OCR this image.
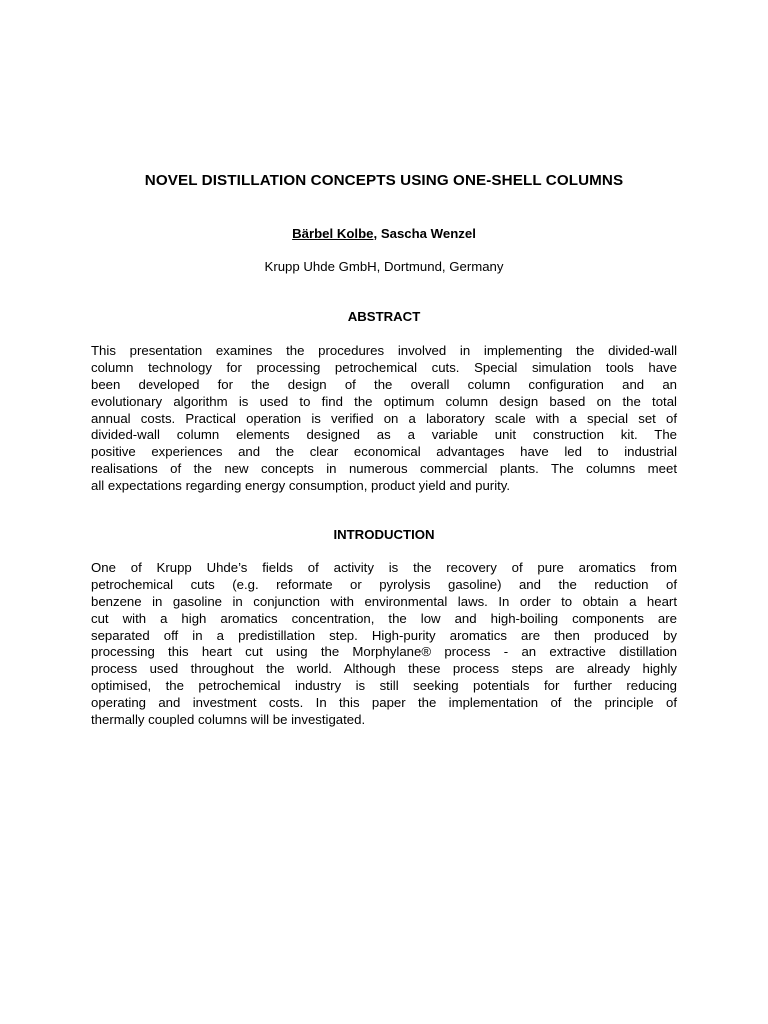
NOVEL DISTILLATION CONCEPTS USING ONE-SHELL COLUMNS
Bärbel Kolbe, Sascha Wenzel
Krupp Uhde GmbH, Dortmund, Germany
ABSTRACT
This presentation examines the procedures involved in implementing the divided-wall
column technology for processing petrochemical cuts. Special simulation tools have
been developed for the design of the overall column configuration and an
evolutionary algorithm is used to find the optimum column design based on the total
annual costs. Practical operation is verified on a laboratory scale with a special set of
divided-wall column elements designed as a variable unit construction kit. The
positive experiences and the clear economical advantages have led to industrial
realisations of the new concepts in numerous commercial plants. The columns meet
all expectations regarding energy consumption, product yield and purity.
INTRODUCTION
One of Krupp Uhde’s fields of activity is the recovery of pure aromatics from
petrochemical cuts (e.g. reformate or pyrolysis gasoline) and the reduction of
benzene in gasoline in conjunction with environmental laws. In order to obtain a heart
cut with a high aromatics concentration, the low and high-boiling components are
separated off in a predistillation step. High-purity aromatics are then produced by
processing this heart cut using the Morphylane® process - an extractive distillation
process used throughout the world. Although these process steps are already highly
optimised, the petrochemical industry is still seeking potentials for further reducing
operating and investment costs. In this paper the implementation of the principle of
thermally coupled columns will be investigated.
